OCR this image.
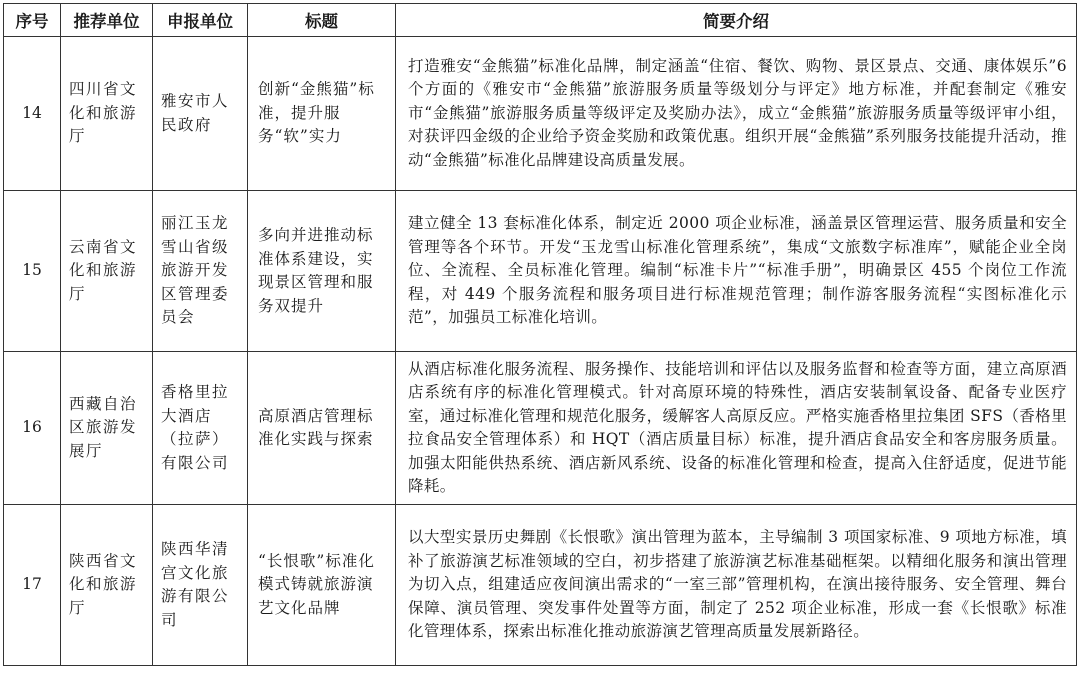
序号	推荐单位	申报单位	标题	简要介绍
14	四川省文化和旅游厅	雅安市人民政府	创新“金熊猫”标准，提升服务“软”实力	打造雅安“金熊猫”标准化品牌，制定涵盖“住宿、餐饮、购物、景区景点、交通、康体娱乐”6个方面的《雅安市“金熊猫”旅游服务质量等级划分与评定》地方标准，并配套制定《雅安市“金熊猫”旅游服务质量等级评定及奖励办法》，成立“金熊猫”旅游服务质量等级评审小组，对获评四金级的企业给予资金奖励和政策优惠。组织开展“金熊猫”系列服务技能提升活动，推动“金熊猫”标准化品牌建设高质量发展。
15	云南省文化和旅游厅	丽江玉龙雪山省级旅游开发区管理委员会	多向并进推动标准体系建设，实现景区管理和服务双提升	建立健全 13 套标准化体系，制定近 2000 项企业标准，涵盖景区管理运营、服务质量和安全管理等各个环节。开发“玉龙雪山标准化管理系统”，集成“文旅数字标准库”，赋能企业全岗位、全流程、全员标准化管理。编制“标准卡片”“标准手册”，明确景区 455 个岗位工作流程，对 449 个服务流程和服务项目进行标准规范管理；制作游客服务流程“实图标准化示范”，加强员工标准化培训。
16	西藏自治区旅游发展厅	香格里拉大酒店（拉萨）有限公司	高原酒店管理标准化实践与探索	从酒店标准化服务流程、服务操作、技能培训和评估以及服务监督和检查等方面，建立高原酒店系统有序的标准化管理模式。针对高原环境的特殊性，酒店安装制氧设备、配备专业医疗室，通过标准化管理和规范化服务，缓解客人高原反应。严格实施香格里拉集团 SFS（香格里拉食品安全管理体系）和 HQT（酒店质量目标）标准，提升酒店食品安全和客房服务质量。加强太阳能供热系统、酒店新风系统、设备的标准化管理和检查，提高入住舒适度，促进节能降耗。
17	陕西省文化和旅游厅	陕西华清宫文化旅游有限公司	“长恨歌”标准化模式铸就旅游演艺文化品牌	以大型实景历史舞剧《长恨歌》演出管理为蓝本，主导编制 3 项国家标准、9 项地方标准，填补了旅游演艺标准领域的空白，初步搭建了旅游演艺标准基础框架。以精细化服务和演出管理为切入点，组建适应夜间演出需求的“一室三部”管理机构，在演出接待服务、安全管理、舞台保障、演员管理、突发事件处置等方面，制定了 252 项企业标准，形成一套《长恨歌》标准化管理体系，探索出标准化推动旅游演艺管理高质量发展新路径。
